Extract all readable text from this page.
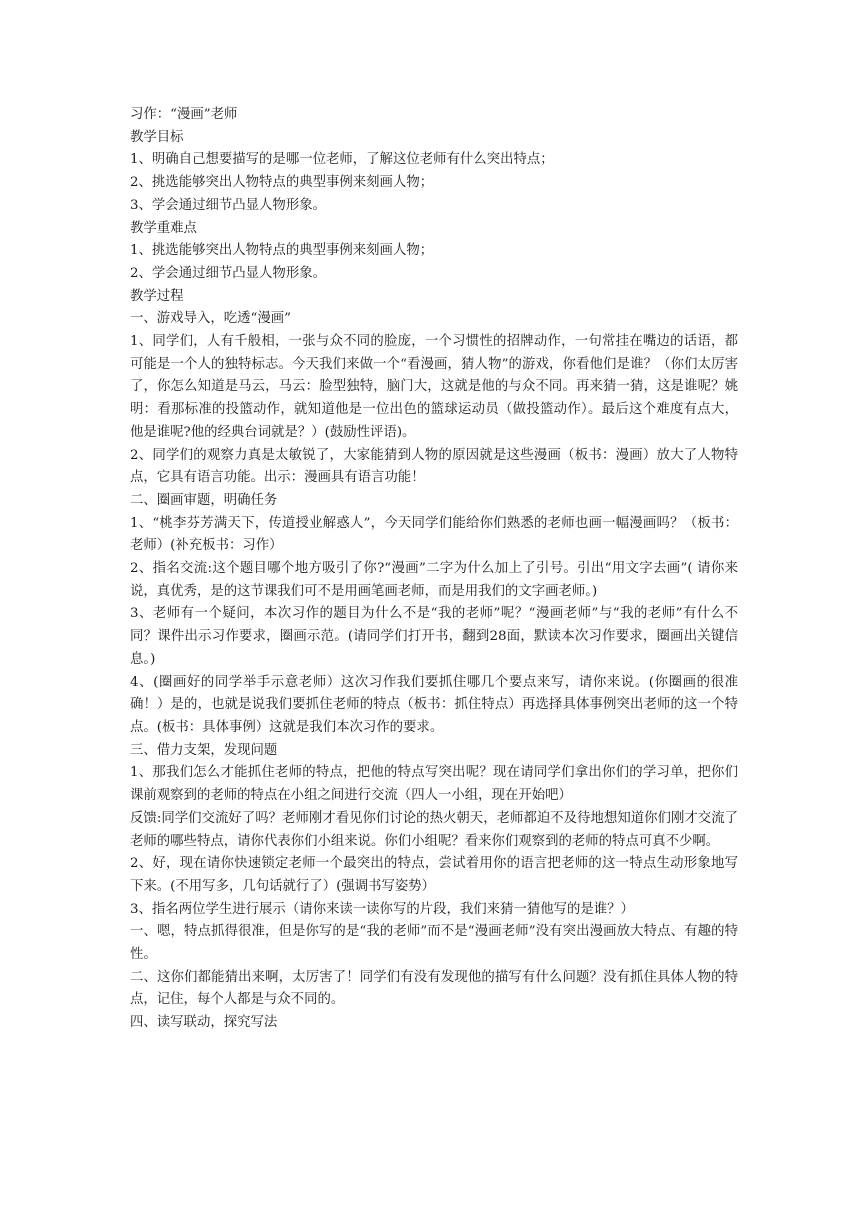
习作：“漫画”老师

教学目标

1、明确自己想要描写的是哪一位老师，了解这位老师有什么突出特点；

2、挑选能够突出人物特点的典型事例来刻画人物；

3、学会通过细节凸显人物形象。

教学重难点

1、挑选能够突出人物特点的典型事例来刻画人物；

2、学会通过细节凸显人物形象。

教学过程

一、游戏导入，吃透“漫画”

1、同学们，人有千般相，一张与众不同的脸庞，一个习惯性的招牌动作，一句常挂在嘴边的话语，都可能是一个人的独特标志。今天我们来做一个“看漫画，猜人物”的游戏，你看他们是谁？（你们太厉害了，你怎么知道是马云，马云：脸型独特，脑门大，这就是他的与众不同。再来猜一猜，这是谁呢？姚明：看那标准的投篮动作，就知道他是一位出色的篮球运动员（做投篮动作）。最后这个难度有点大，他是谁呢?他的经典台词就是？）(鼓励性评语)。

2、同学们的观察力真是太敏锐了，大家能猜到人物的原因就是这些漫画（板书：漫画）放大了人物特点，它具有语言功能。出示：漫画具有语言功能！

二、圈画审题，明确任务

1、“桃李芬芳满天下，传道授业解惑人”，今天同学们能给你们熟悉的老师也画一幅漫画吗？（板书：老师）(补充板书：习作）

2、指名交流:这个题目哪个地方吸引了你?“漫画”二字为什么加上了引号。引出“用文字去画”( 请你来说，真优秀，是的这节课我们可不是用画笔画老师，而是用我们的文字画老师。)

3、老师有一个疑问，本次习作的题目为什么不是“我的老师”呢？“漫画老师”与“我的老师”有什么不同？课件出示习作要求，圈画示范。(请同学们打开书，翻到28面，默读本次习作要求，圈画出关键信息。)

4、(圈画好的同学举手示意老师）这次习作我们要抓住哪几个要点来写，请你来说。(你圈画的很准确！）是的，也就是说我们要抓住老师的特点（板书：抓住特点）再选择具体事例突出老师的这一个特点。(板书：具体事例）这就是我们本次习作的要求。

三、借力支架，发现问题

1、那我们怎么才能抓住老师的特点，把他的特点写突出呢？现在请同学们拿出你们的学习单，把你们课前观察到的老师的特点在小组之间进行交流（四人一小组，现在开始吧）

反馈:同学们交流好了吗？老师刚才看见你们讨论的热火朝天，老师都迫不及待地想知道你们刚才交流了老师的哪些特点，请你代表你们小组来说。你们小组呢？看来你们观察到的老师的特点可真不少啊。

2、好，现在请你快速锁定老师一个最突出的特点，尝试着用你的语言把老师的这一特点生动形象地写下来。(不用写多，几句话就行了）(强调书写姿势）

3、指名两位学生进行展示（请你来读一读你写的片段，我们来猜一猜他写的是谁？）

一、嗯，特点抓得很准，但是你写的是“我的老师”而不是“漫画老师”没有突出漫画放大特点、有趣的特性。

二、这你们都能猜出来啊，太厉害了！同学们有没有发现他的描写有什么问题？没有抓住具体人物的特点，记住，每个人都是与众不同的。

四、读写联动，探究写法
